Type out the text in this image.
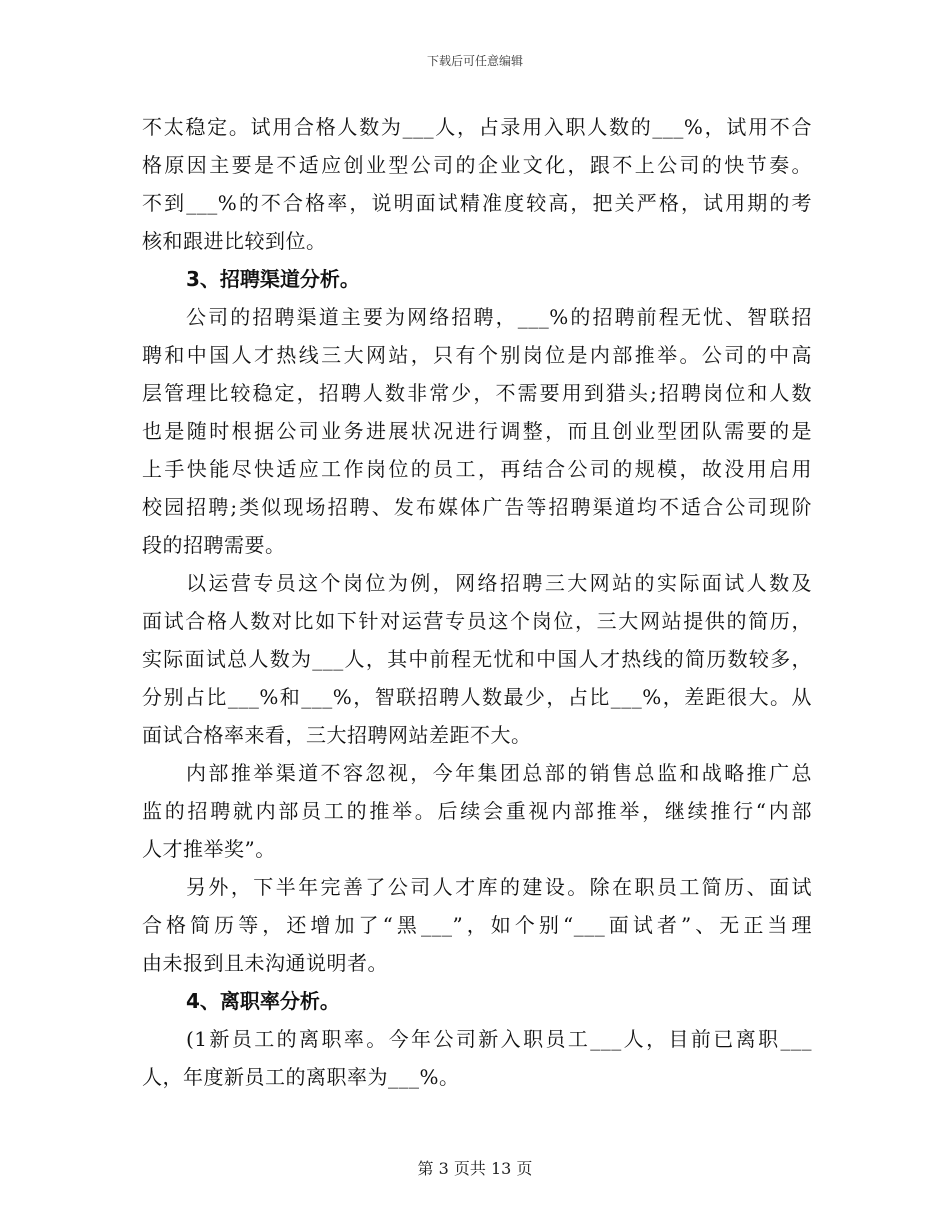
下载后可任意编辑
不太稳定。试用合格人数为___人，占录用入职人数的___%，试用不合
格原因主要是不适应创业型公司的企业文化，跟不上公司的快节奏。
不到___%的不合格率，说明面试精准度较高，把关严格，试用期的考
核和跟进比较到位。
3、招聘渠道分析。
公司的招聘渠道主要为网络招聘，___%的招聘前程无忧、智联招
聘和中国人才热线三大网站，只有个别岗位是内部推举。公司的中高
层管理比较稳定，招聘人数非常少，不需要用到猎头;招聘岗位和人数
也是随时根据公司业务进展状况进行调整，而且创业型团队需要的是
上手快能尽快适应工作岗位的员工，再结合公司的规模，故没用启用
校园招聘;类似现场招聘、发布媒体广告等招聘渠道均不适合公司现阶
段的招聘需要。
以运营专员这个岗位为例，网络招聘三大网站的实际面试人数及
面试合格人数对比如下针对运营专员这个岗位，三大网站提供的简历，
实际面试总人数为___人，其中前程无忧和中国人才热线的简历数较多，
分别占比___%和___%，智联招聘人数最少，占比___%，差距很大。从
面试合格率来看，三大招聘网站差距不大。
内部推举渠道不容忽视，今年集团总部的销售总监和战略推广总
监的招聘就内部员工的推举。后续会重视内部推举，继续推行“内部
人才推举奖”。
另外，下半年完善了公司人才库的建设。除在职员工简历、面试
合格简历等，还增加了“黑___”，如个别“___面试者”、无正当理
由未报到且未沟通说明者。
4、离职率分析。
(1新员工的离职率。今年公司新入职员工___人，目前已离职___
人，年度新员工的离职率为___%。
第 3 页共 13 页
